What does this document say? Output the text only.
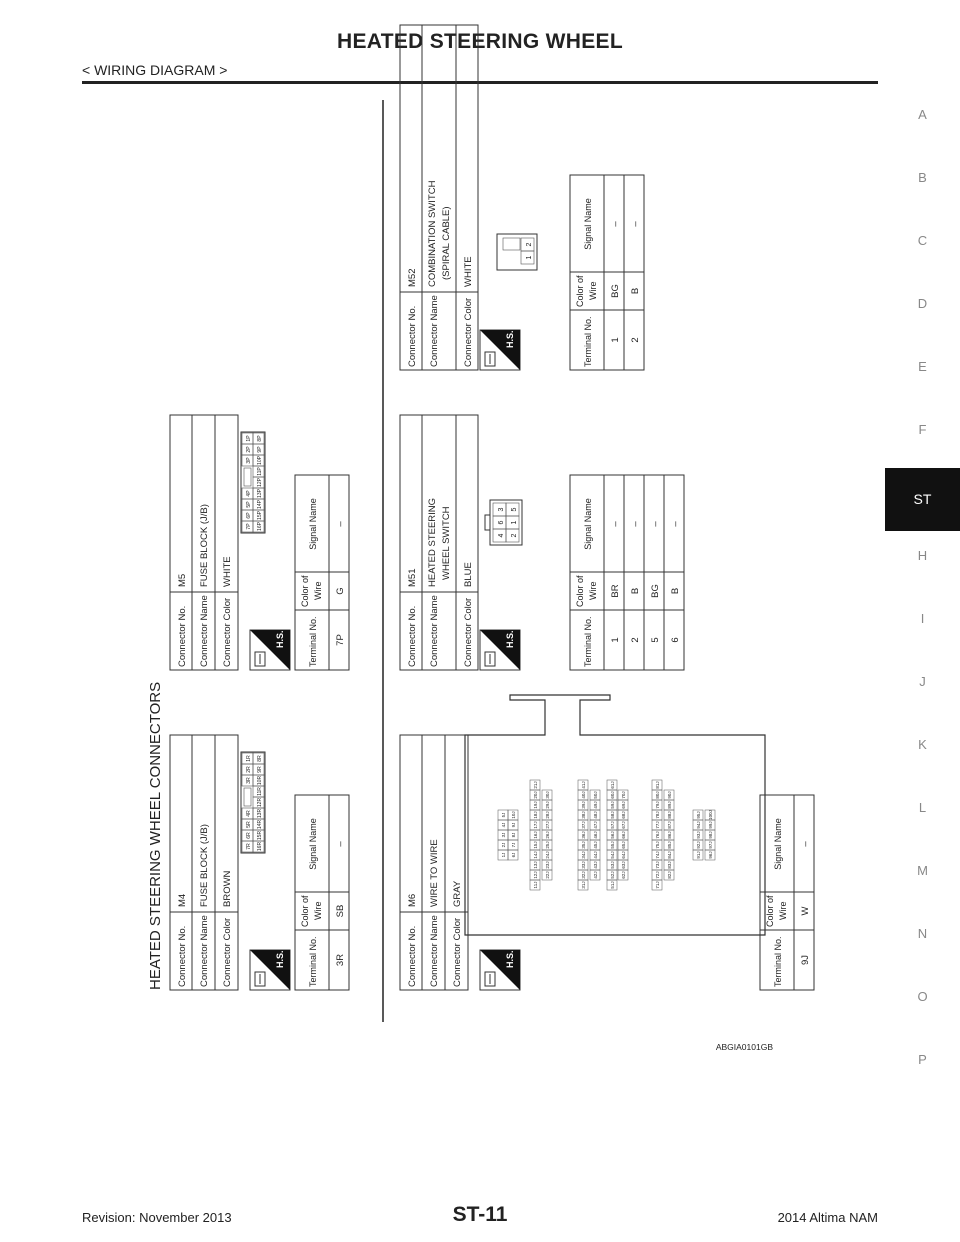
HEATED STEERING WHEEL
< WIRING DIAGRAM >
A
B
C
D
E
F
ST
H
I
J
K
L
M
N
O
P
ABGIA0101GB
HEATED STEERING WHEEL CONNECTORS Connector No.
M4
Connector Name
FUSE BLOCK (J/B)
Connector Color
BROWN
H.S.
7R
6R
5R
4R
3R
2R
1R
16R
15R
14R
13R
12R
11R
10R
9R
8R
Terminal No.
Color of Wire
Signal Name
3R
SB
–
Connector No.
M5
Connector Name
FUSE BLOCK (J/B)
Connector Color
WHITE
H.S.
7P
6P
5P
4P
3P
2P
1P
16P
15P
14P
13P
12P
11P
10P
9P
8P
Terminal No.
Color of Wire
Signal Name
7P
G
–
Connector No.
M6
Connector Name
WIRE TO WIRE
Connector Color
GRAY
H.S.
1J
2J
3J
4J
5J
6J
7J
8J
9J
10J
11J
12J
13J
14J
15J
16J
17J
18J
19J
20J
21J
22J
23J
24J
25J
26J
27J
28J
29J
30J
31J
32J
33J
34J
35J
36J
37J
38J
39J
40J
41J
42J
43J
44J
45J
46J
47J
48J
49J
50J
51J
52J
53J
54J
55J
56J
57J
58J
59J
60J
61J
62J
63J
64J
65J
66J
67J
68J
69J
70J
71J
72J
73J
74J
75J
76J
77J
78J
79J
80J
81J
82J
83J
84J
85J
86J
87J
88J
89J
90J
91J
92J
93J
94J
95J
96J
97J
98J
99J
100J
Terminal No.
Color of Wire
Signal Name
9J
W
–
Connector No.
M51
Connector Name
HEATED STEERING WHEEL SWITCH
Connector Color
BLUE
H.S.
4
6
3
2
1
5
Terminal No.
Color of Wire
Signal Name
1
BR
–
2
B
–
5
BG
–
6
B
–
Connector No.
M52
Connector Name
COMBINATION SWITCH (SPIRAL CABLE)
Connector Color
WHITE
H.S.
1
2
Terminal No.
Color of Wire
Signal Name
1
BG
–
2
B
–
Revision: November 2013	ST-11	2014 Altima NAM
